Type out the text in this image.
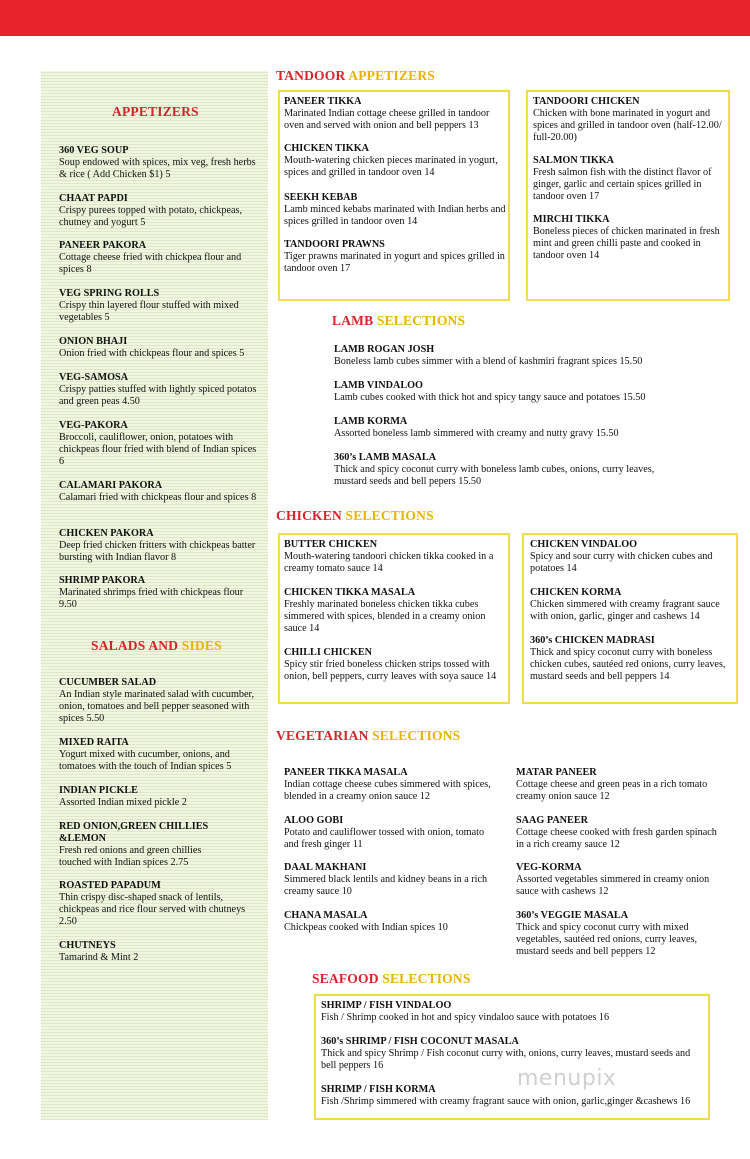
APPETIZERS
360 VEG SOUP
Soup endowed with spices, mix veg, fresh herbs & rice ( Add Chicken $1) 5
CHAAT PAPDI
Crispy purees topped with potato, chickpeas, chutney and yogurt 5
PANEER PAKORA
Cottage cheese fried with chickpea flour and spices 8
VEG SPRING ROLLS
Crispy thin layered flour stuffed with mixed vegetables 5
ONION BHAJI
Onion fried with chickpeas flour and spices 5
VEG-SAMOSA
Crispy patties stuffed with lightly spiced potatos and green peas 4.50
VEG-PAKORA
Broccoli, cauliflower, onion, potatoes with chickpeas flour fried with blend of Indian spices 6
CALAMARI PAKORA
Calamari fried with chickpeas flour and spices 8
CHICKEN PAKORA
Deep fried chicken fritters with chickpeas batter bursting with Indian flavor 8
SHRIMP PAKORA
Marinated shrimps fried with chickpeas flour 9.50
SALADS AND SIDES
CUCUMBER SALAD
An Indian style marinated salad with cucumber, onion, tomatoes and bell pepper seasoned with spices 5.50
MIXED RAITA
Yogurt mixed with cucumber, onions, and tomatoes with the touch of Indian spices 5
INDIAN PICKLE
Assorted Indian mixed pickle 2
RED ONION,GREEN CHILLIES &LEMON
Fresh red onions and green chillies touched with Indian spices 2.75
ROASTED PAPADUM
Thin crispy disc-shaped snack of lentils, chickpeas and rice flour served with chutneys 2.50
CHUTNEYS
Tamarind & Mint 2
TANDOOR APPETIZERS
PANEER TIKKA
Marinated Indian cottage cheese grilled in tandoor oven and served with onion and bell peppers 13
CHICKEN TIKKA
Mouth-watering chicken pieces marinated in yogurt, spices and grilled in tandoor oven 14
SEEKH KEBAB
Lamb minced kebabs marinated with Indian herbs and spices grilled in tandoor oven 14
TANDOORI PRAWNS
Tiger prawns marinated in yogurt and spices grilled in tandoor oven 17
TANDOORI CHICKEN
Chicken with bone marinated in yogurt and spices and grilled in tandoor oven (half-12.00/ full-20.00)
SALMON TIKKA
Fresh salmon fish with the distinct flavor of ginger, garlic and certain spices grilled in tandoor oven 17
MIRCHI TIKKA
Boneless pieces of chicken marinated in fresh mint and green chilli paste and cooked in tandoor oven 14
LAMB SELECTIONS
LAMB ROGAN JOSH
Boneless lamb cubes simmer with a blend of kashmiri fragrant spices 15.50
LAMB VINDALOO
Lamb cubes cooked with thick hot and spicy tangy sauce and potatoes 15.50
LAMB KORMA
Assorted boneless lamb simmered with creamy and nutty gravy 15.50
360’s LAMB MASALA
Thick and spicy coconut curry with boneless lamb cubes, onions, curry leaves, mustard seeds and bell pepers 15.50
CHICKEN SELECTIONS
BUTTER CHICKEN
Mouth-watering tandoori chicken tikka cooked in a creamy tomato sauce 14
CHICKEN TIKKA MASALA
Freshly marinated boneless chicken tikka cubes simmered with spices, blended in a creamy onion sauce 14
CHILLI CHICKEN
Spicy stir fried boneless chicken strips tossed with onion, bell peppers, curry leaves with soya sauce 14
CHICKEN VINDALOO
Spicy and sour curry with chicken cubes and potatoes 14
CHICKEN KORMA
Chicken simmered with creamy fragrant sauce with onion, garlic, ginger and cashews 14
360’s CHICKEN MADRASI
Thick and spicy coconut curry with boneless chicken cubes, sautéed red onions, curry leaves, mustard seeds and bell peppers 14
VEGETARIAN SELECTIONS
PANEER TIKKA MASALA
Indian cottage cheese cubes simmered with spices, blended in a creamy onion sauce 12
ALOO GOBI
Potato and cauliflower tossed with onion, tomato and fresh ginger 11
DAAL MAKHANI
Simmered black lentils and kidney beans in a rich creamy sauce 10
CHANA MASALA
Chickpeas cooked with Indian spices 10
MATAR PANEER
Cottage cheese and green peas in a rich tomato creamy onion sauce 12
SAAG PANEER
Cottage cheese cooked with fresh garden spinach in a rich creamy sauce 12
VEG-KORMA
Assorted vegetables simmered in creamy onion sauce with cashews 12
360’s VEGGIE MASALA
Thick and spicy coconut curry with mixed vegetables, sautéed red onions, curry leaves, mustard seeds and bell peppers 12
SEAFOOD SELECTIONS
SHRIMP / FISH VINDALOO
Fish / Shrimp cooked in hot and spicy vindaloo sauce with potatoes 16
360’s SHRIMP / FISH COCONUT MASALA
Thick and spicy Shrimp / Fish coconut curry with, onions, curry leaves, mustard seeds and bell peppers 16
SHRIMP / FISH KORMA
Fish /Shrimp simmered with creamy fragrant sauce with onion, garlic,ginger &cashews 16
menupix
